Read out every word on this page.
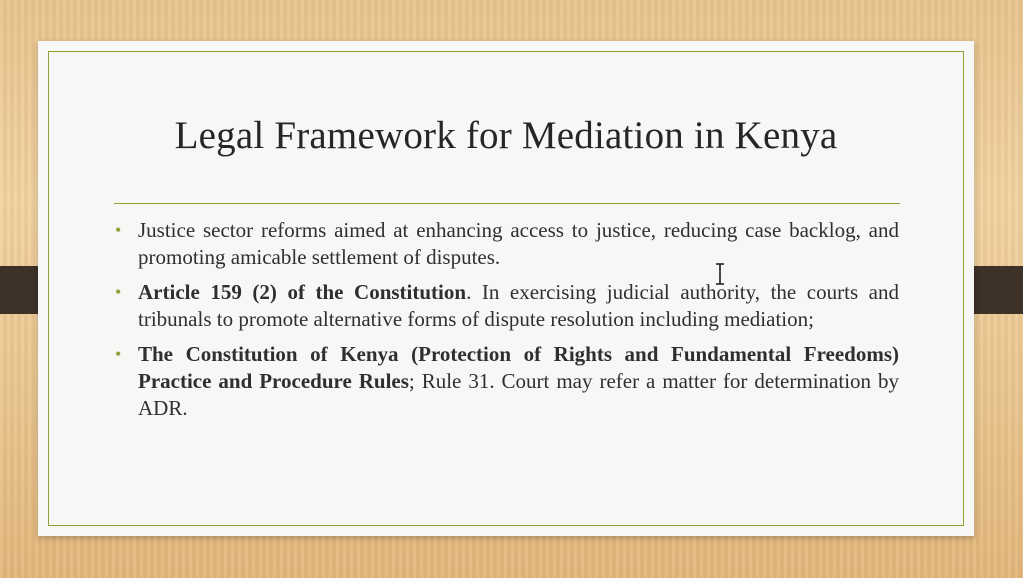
Legal Framework for Mediation in Kenya
• Justice sector reforms aimed at enhancing access to justice, reducing case backlog, and promoting amicable settlement of disputes.
• Article 159 (2) of the Constitution. In exercising judicial authority, the courts and tribunals to promote alternative forms of dispute resolution including mediation;
• The Constitution of Kenya (Protection of Rights and Fundamental Freedoms) Practice and Procedure Rules; Rule 31. Court may refer a matter for determination by ADR.
